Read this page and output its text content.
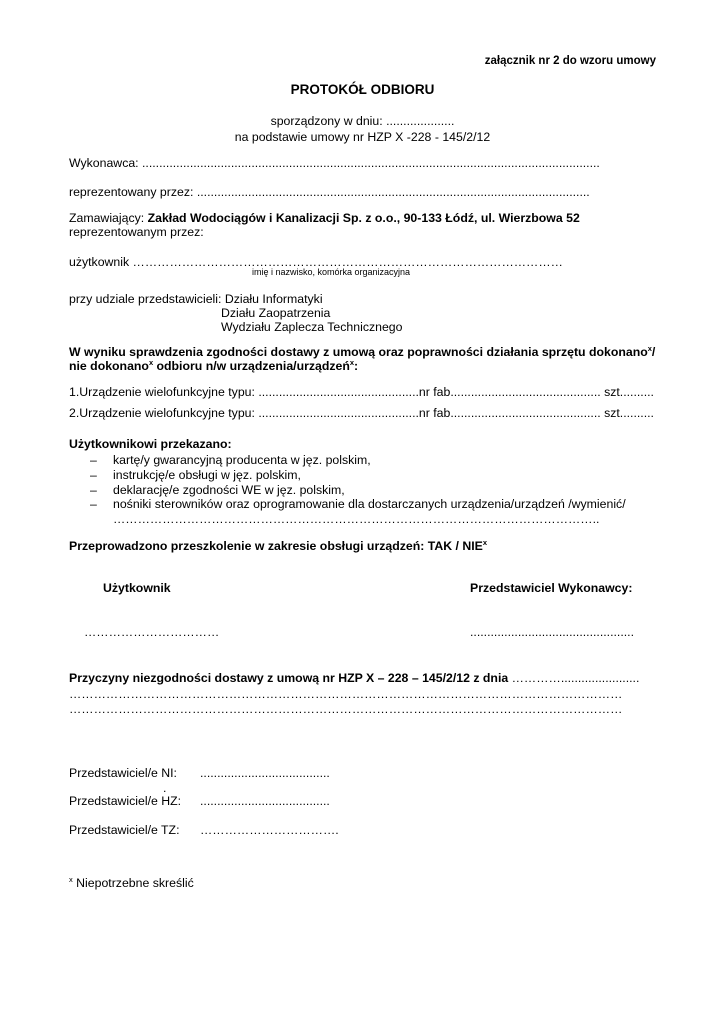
załącznik nr 2 do wzoru umowy
PROTOKÓŁ ODBIORU
sporządzony w dniu: ....................
na podstawie umowy nr HZP X -228 - 145/2/12
Wykonawca: ......................................................................................................................................
reprezentowany przez: ...................................................................................................................
Zamawiający: Zakład Wodociągów i Kanalizacji Sp. z o.o., 90-133 Łódź, ul. Wierzbowa 52
reprezentowanym przez:
użytkownik ……………………………………………………………………………………………
imię i nazwisko, komórka organizacyjna
przy udziale przedstawicieli: Działu Informatyki
Działu Zaopatrzenia
Wydziału Zaplecza Technicznego
W wyniku sprawdzenia zgodności dostawy z umową oraz poprawności działania sprzętu dokonano$^x$/
nie dokonano$^x$ odbioru n/w urządzenia/urządzeń$^x$:
1.Urządzenie wielofunkcyjne typu: ...............................................nr fab............................................ szt..........
2.Urządzenie wielofunkcyjne typu: ...............................................nr fab............................................ szt..........
Użytkownikowi przekazano:
– kartę/y gwarancyjną producenta w jęz. polskim,
– instrukcję/e obsługi w jęz. polskim,
– deklarację/e zgodności WE w jęz. polskim,
– nośniki sterowników oraz oprogramowanie dla dostarczanych urządzenia/urządzeń /wymienić/
………………………………………………………………………………………………………..
Przeprowadzono przeszkolenie w zakresie obsługi urządzeń: TAK / NIE$^x$
Użytkownik	Przedstawiciel Wykonawcy:
……………………………	................................................
Przyczyny niezgodności dostawy z umową nr HZP X – 228 – 145/2/12 z dnia ………….......................
………………………………………………………………………………………………………………………
………………………………………………………………………………………………………………………
Przedstawiciel/e NI: ......................................
.
Przedstawiciel/e HZ: ......................................
Przedstawiciel/e TZ: …………………………….
$^x$ Niepotrzebne skreślić
